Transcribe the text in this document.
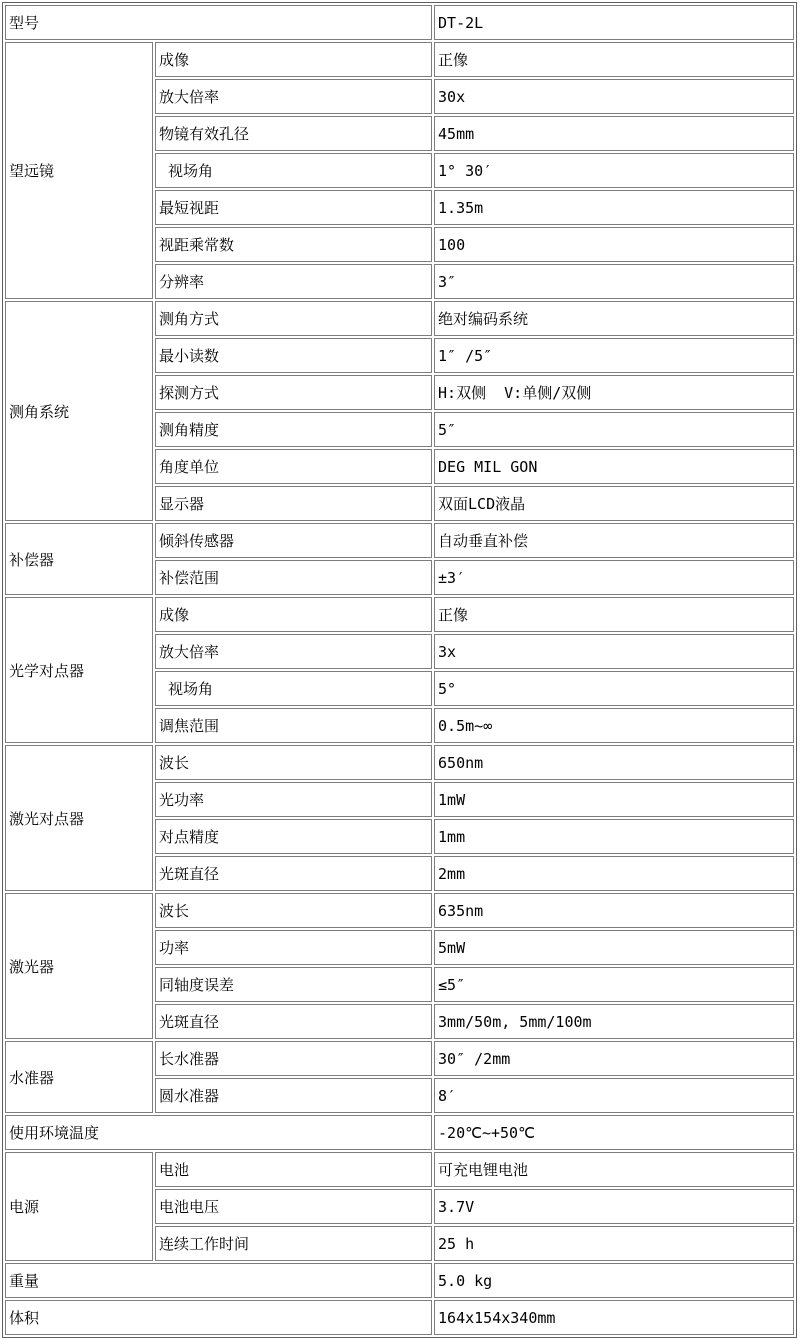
型号		DT-2L
望远镜	成像	正像
	放大倍率	30x
	物镜有效孔径	45mm
	视场角	1° 30′
	最短视距	1.35m
	视距乘常数	100
	分辨率	3″
测角系统	测角方式	绝对编码系统
	最小读数	1″ /5″
	探测方式	H:双侧  V:单侧/双侧
	测角精度	5″
	角度单位	DEG MIL GON
	显示器	双面LCD液晶
补偿器	倾斜传感器	自动垂直补偿
	补偿范围	±3′
光学对点器	成像	正像
	放大倍率	3x
	视场角	5°
	调焦范围	0.5m~∞
激光对点器	波长	650nm
	光功率	1mW
	对点精度	1mm
	光斑直径	2mm
激光器	波长	635nm
	功率	5mW
	同轴度误差	≤5″
	光斑直径	3mm/50m, 5mm/100m
水准器	长水准器	30″ /2mm
	圆水准器	8′
使用环境温度		-20℃~+50℃
电源	电池	可充电锂电池
	电池电压	3.7V
	连续工作时间	25 h
重量		5.0 kg
体积		164x154x340mm
